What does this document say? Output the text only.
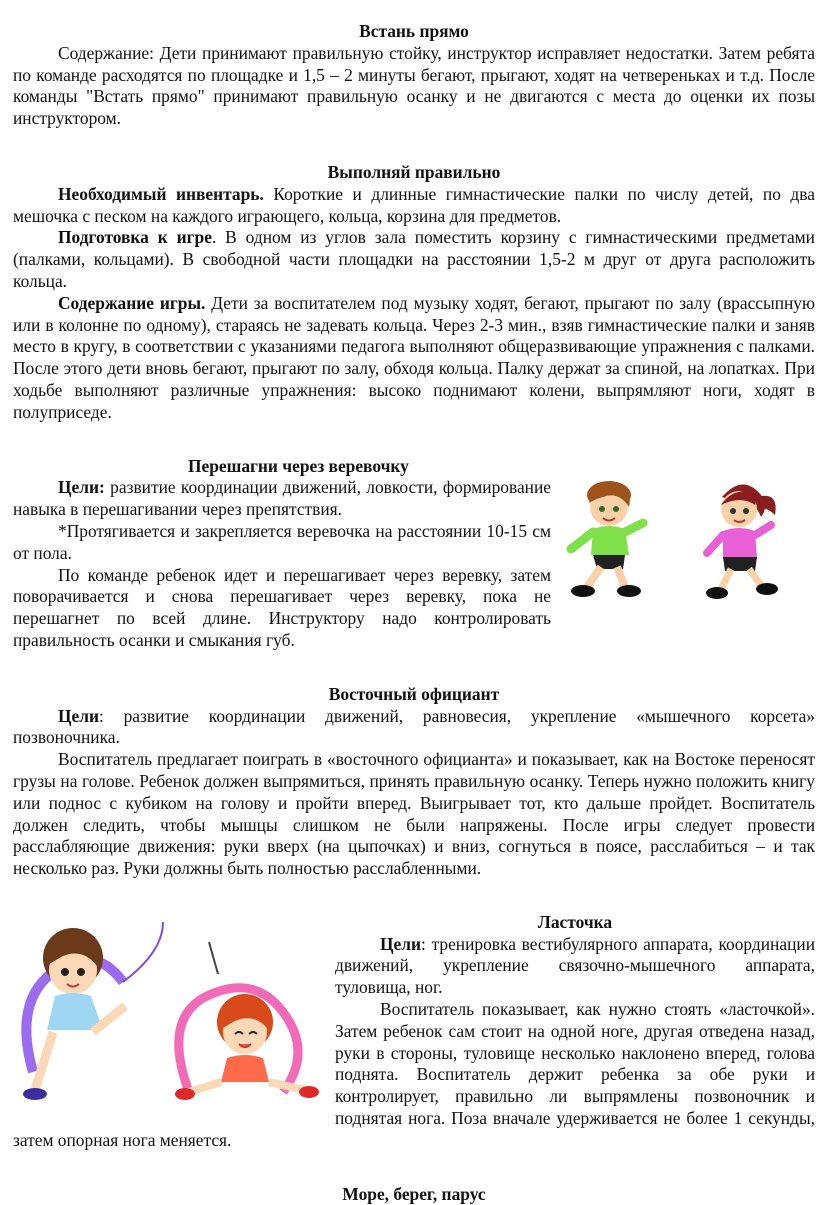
Встань прямо

Содержание: Дети принимают правильную стойку, инструктор исправляет недостатки. Затем ребята по команде расходятся по площадке и 1,5 – 2 минуты бегают, прыгают, ходят на четвереньках и т.д. После команды "Встать прямо" принимают правильную осанку и не двигаются с места до оценки их позы инструктором.

Выполняй правильно

Необходимый инвентарь. Короткие и длинные гимнастические палки по числу детей, по два мешочка с песком на каждого играющего, кольца, корзина для предметов.

Подготовка к игре. В одном из углов зала поместить корзину с гимнастическими предметами (палками, кольцами). В свободной части площадки на расстоянии 1,5-2 м друг от друга расположить кольца.

Содержание игры. Дети за воспитателем под музыку ходят, бегают, прыгают по залу (врассыпную или в колонне по одному), стараясь не задевать кольца. Через 2-3 мин., взяв гимнастические палки и заняв место в кругу, в соответствии с указаниями педагога выполняют общеразвивающие упражнения с палками. После этого дети вновь бегают, прыгают по залу, обходя кольца. Палку держат за спиной, на лопатках. При ходьбе выполняют различные упражнения: высоко поднимают колени, выпрямляют ноги, ходят в полуприседе.

Перешагни через веревочку

Цели: развитие координации движений, ловкости, формирование навыка в перешагивании через препятствия.

*Протягивается и закрепляется веревочка на расстоянии 10-15 см от пола.

По команде ребенок идет и перешагивает через веревку, затем поворачивается и снова перешагивает через веревку, пока не перешагнет по всей длине. Инструктору надо контролировать правильность осанки и смыкания губ.

Восточный официант

Цели: развитие координации движений, равновесия, укрепление «мышечного корсета» позвоночника.

Воспитатель предлагает поиграть в «восточного официанта» и показывает, как на Востоке переносят грузы на голове. Ребенок должен выпрямиться, принять правильную осанку. Теперь нужно положить книгу или поднос с кубиком на голову и пройти вперед. Выигрывает тот, кто дальше пройдет. Воспитатель должен следить, чтобы мышцы слишком не были напряжены. После игры следует провести расслабляющие движения: руки вверх (на цыпочках) и вниз, согнуться в поясе, расслабиться – и так несколько раз. Руки должны быть полностью расслабленными.

Ласточка

Цели: тренировка вестибулярного аппарата, координации движений, укрепление связочно-мышечного аппарата, туловища, ног.

Воспитатель показывает, как нужно стоять «ласточкой». Затем ребенок сам стоит на одной ноге, другая отведена назад, руки в стороны, туловище несколько наклонено вперед, голова поднята. Воспитатель держит ребенка за обе руки и контролирует, правильно ли выпрямлены позвоночник и поднятая нога. Поза вначале удерживается не более 1 секунды, затем опорная нога меняется.

Море, берег, парус
